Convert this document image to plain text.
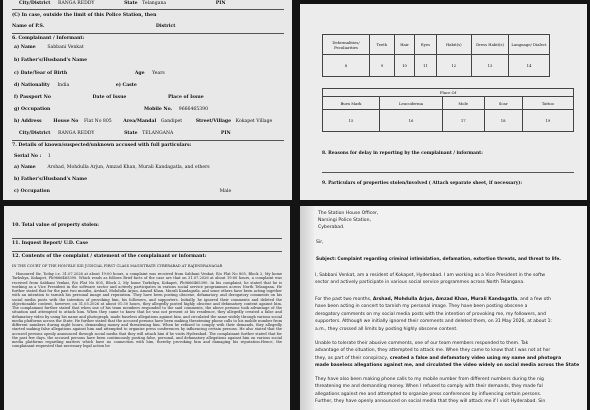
City/District RANGA REDDY	State Telangana	PIN
(C) In case, outside the limit of this Police Station, then
Name of P.S.	District
6. Complainant / Informant:
a) Name	Sabbani Venkat
b) Father's/Husband's Name
c) Date/Year of Birth	Age Years
d) Nationality India	e) Caste
f) Passport No	Date of Issue	Place of Issue
g) Occupation	Mobile No. 9666465390
h) Address	House No Flat No 805	Area/Mandal Gandipet	Street/Village Kokapet Village
City/District RANGA REDDY	State TELANGANA	PIN
7. Details of known/suspected/unknown accused with full particulars:
Serial No : 1
a) Name	Arshad, Mohdulla Arjun, Amzad Khan, Murali Kandagatla, and others
b) Father's/Husband's Name
c) Occupation	Male
Deformalities/ Peculiarities	Teeth	Hair	Eyes	Habit(s)	Dress Habit(s)	Language/ Dialect
8	9	10	11	12	13	14
Place Of				
Burn Mark	Leucoderma	Mole	Scar	Tattoo
15	16	17	18	19
8. Reasons for delay in reporting by the complainant / informant:
9. Particulars of properties stolen/involved ( Attach separate sheet, if necessary):
10. Total value of property stolen:
11. Inquest Report/ U.D. Case
12. Contents of the complaint / statement of the complainant or informant:
IN THE COURT OF THE HON'BLE XIII JUDICIAL FIRST CLASS MAGISTRATE CYBERABAD AT RAJENDRANAGAR
Honoured Sir, Today i.e. 31.07.2026 at about 19:00 hours, a complaint was received from Sabbani Venkat, R/o Flat No 805, Block 2, My home Tarkshya, Kokapet, Ph9666465390. Which reads as follows Brief facts of the case are that on 31.07.2026 at about 19:00 hours, a complaint was received from Sabbani Venkat, R/o Flat No 805, Block 2, My home Tarkshya, Kokapet, Ph9666465390. In his complaint, he stated that he is working as a Vice President in the software sector and actively participates in various social service programmes across North Telangana. He further stated that for the past two months, Arshad, Mohdulla Arjun, Amzad Khan, Murali Kandagatla, and some others have been acting together with an intention to tarnish his personal image and reputation. They have been posting obscene, defamatory, and derogatory comments on his social media posts with the intention of provoking him, his followers, and supporters. Initially, he ignored their comments and deleted the objectionable content, however, on 31.05.2026 at about 01:30 hours, they allegedly posted highly obscene and defamatory content against him. The complainant further stated that when one of his team members responded to the said comments, the above persons took advantage of the situation and attempted to attack him. When they came to know that he was not present at his residence, they allegedly created a false and defamatory video by using his name and photograph, made baseless allegations against him, and circulated the same widely through various social media platforms across the State. He further stated that the accused persons have been making threatening phone calls to his mobile number from different numbers during night hours, demanding money and threatening him. When he refused to comply with their demands, they allegedly started making false allegations against him and attempted to organize press conferences by influencing certain persons. He also stated that the accused persons openly announced through social media that they will attack him if he visits Hyderabad. The complainant further stated that for the past few days, the accused persons have been continuously posting false, personal, and defamatory allegations against him on various social media platforms regarding matters which have no connection with him, thereby provoking him and damaging his reputation.Hence, the complainant requested that necessary legal action be
The Station House Officer,
Narsingi Police Station,
Cyberabad.
Sir,
Subject: Complaint regarding criminal intimidation, defamation, extortion threats, and threat to life.
I, Sabbani Venkat, am a resident of Kokapet, Hyderabad. I am working as a Vice President in the softw
sector and actively participate in various social service programmes across North Telangana.
For the past two months, Arshad, Mohdulla Arjun, Amzad Khan, Murali Kandagatla, and a few oth
have been acting in concert to tarnish my personal image. They have been posting obscene a
derogatory comments on my social media posts with the intention of provoking me, my followers, and
supporters. Although we initially ignored their comments and deleted them, on 31 May 2026, at about 1:
a.m., they crossed all limits by posting highly obscene content.
Unable to tolerate their abusive comments, one of our team members responded to them. Tak
advantage of the situation, they attempted to attack me. When they came to know that I was not at hor
they, as part of their conspiracy, created a false and defamatory video using my name and photogra
made baseless allegations against me, and circulated the video widely on social media across the State
They have also been making phone calls to my mobile number from different numbers during the nig
threatening me and demanding money. When I refused to comply with their demands, they made fal
allegations against me and attempted to organize press conferences by influencing certain persons.
Further, they have openly announced on social media that they will attack me if I visit Hyderabad. Sin
